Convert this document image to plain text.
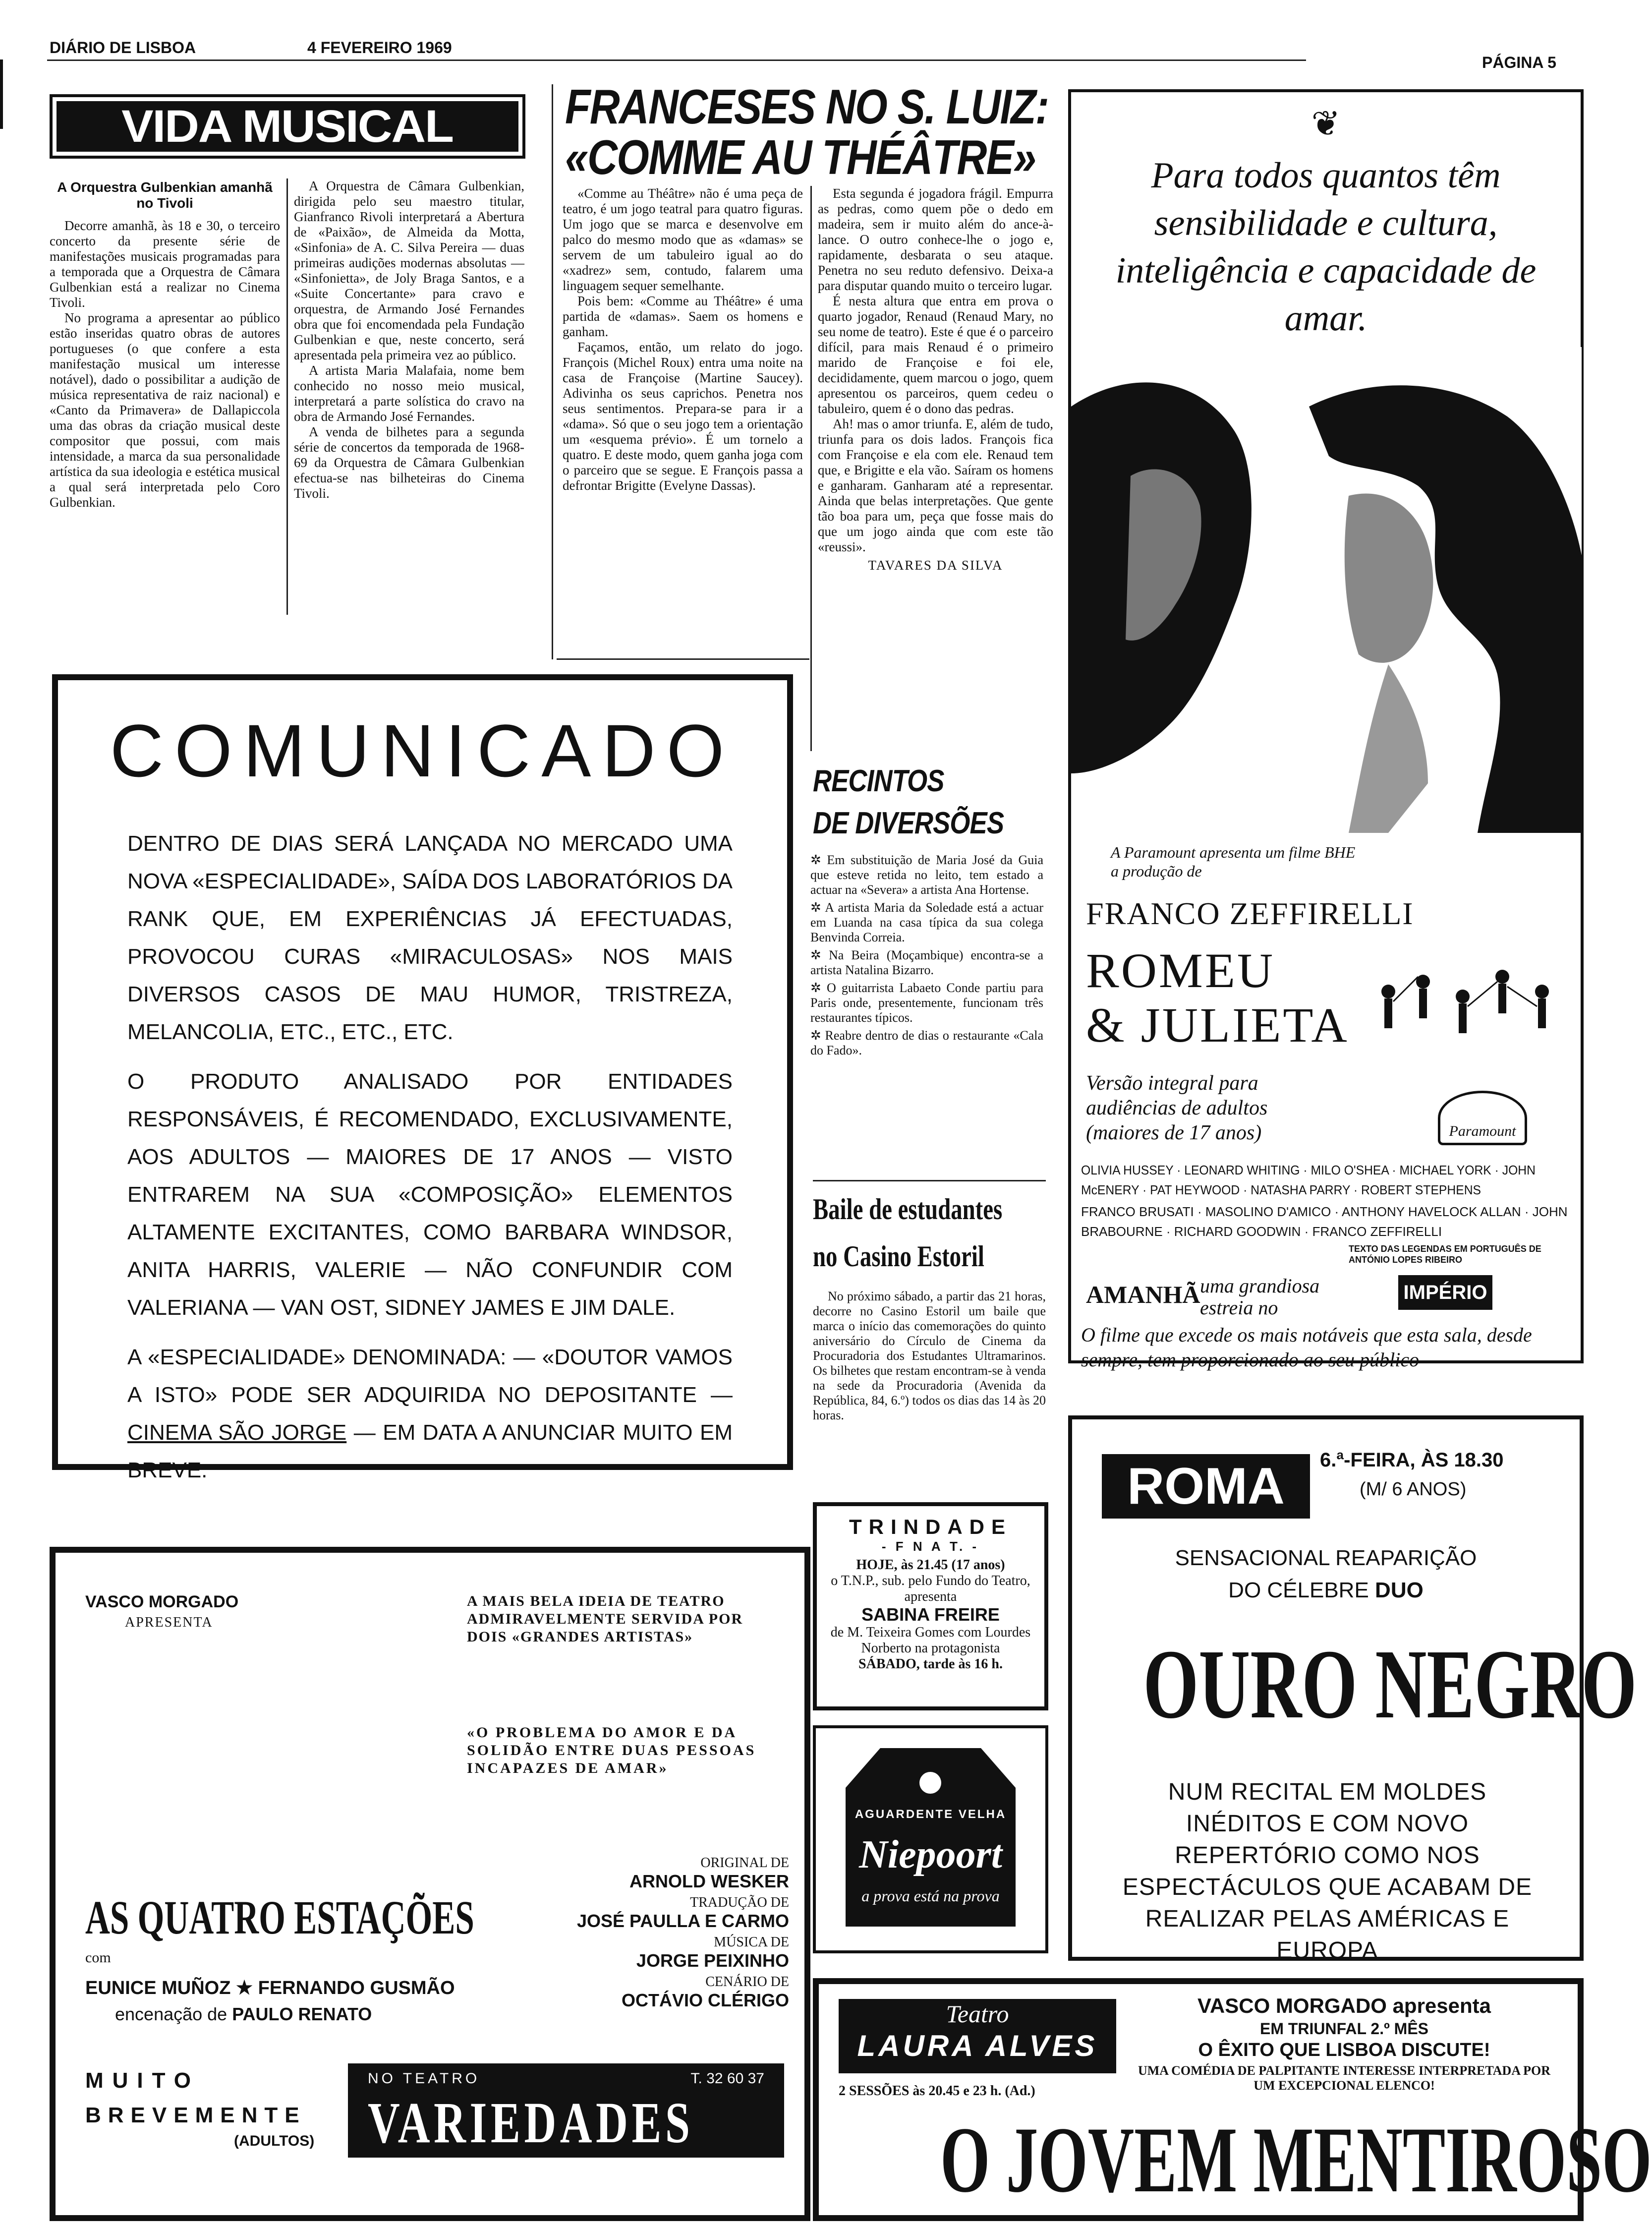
DIÁRIO DE LISBOA	4 FEVEREIRO 1969
PÁGINA 5
VIDA MUSICAL
A Orquestra Gulbenkian amanhã no Tivoli

Decorre amanhã, às 18 e 30, o terceiro concerto da presente série de manifestações musicais programadas para a temporada que a Orquestra de Câmara Gulbenkian está a realizar no Cinema Tivoli.

No programa a apresentar ao público estão inseridas quatro obras de autores portugueses (o que confere a esta manifestação musical um interesse notável), dado o possibilitar a audição de música representativa de raiz nacional) e «Canto da Primavera» de Dallapiccola uma das obras da criação musical deste compositor que possui, com mais intensidade, a marca da sua personalidade artística da sua ideologia e estética musical a qual será interpretada pelo Coro Gulbenkian.

A Orquestra de Câmara Gulbenkian, dirigida pelo seu maestro titular, Gianfranco Rivoli interpretará a Abertura de «Paixão», de Almeida da Motta, «Sinfonia» de A. C. Silva Pereira — duas primeiras audições modernas absolutas — «Sinfonietta», de Joly Braga Santos, e a «Suite Concertante» para cravo e orquestra, de Armando José Fernandes obra que foi encomendada pela Fundação Gulbenkian e que, neste concerto, será apresentada pela primeira vez ao público.

A artista Maria Malafaia, nome bem conhecido no nosso meio musical, interpretará a parte solística do cravo na obra de Armando José Fernandes.

A venda de bilhetes para a segunda série de concertos da temporada de 1968-69 da Orquestra de Câmara Gulbenkian efectua-se nas bilheteiras do Cinema Tivoli.

FRANCESES NO S. LUIZ:
«COMME AU THÉÂTRE»

«Comme au Théâtre» não é uma peça de teatro, é um jogo teatral para quatro figuras. Um jogo que se marca e desenvolve em palco do mesmo modo que as «damas» se servem de um tabuleiro igual ao do «xadrez» sem, contudo, falarem uma linguagem sequer semelhante.

Pois bem: «Comme au Théâtre» é uma partida de «damas». Saem os homens e ganham.

Façamos, então, um relato do jogo. François (Michel Roux) entra uma noite na casa de Françoise (Martine Saucey). Adivinha os seus caprichos. Penetra nos seus sentimentos. Prepara-se para ir a «dama». Só que o seu jogo tem a orientação um «esquema prévio». É um tornelo a quatro. E deste modo, quem ganha joga com o parceiro que se segue. E François passa a defrontar Brigitte (Evelyne Dassas).

Esta segunda é jogadora frágil. Empurra as pedras, como quem põe o dedo em madeira, sem ir muito além do ance-à-lance. O outro conhece-lhe o jogo e, rapidamente, desbarata o seu ataque. Penetra no seu reduto defensivo. Deixa-a para disputar quando muito o terceiro lugar.

É nesta altura que entra em prova o quarto jogador, Renaud (Renaud Mary, no seu nome de teatro). Este é que é o parceiro difícil, para mais Renaud é o primeiro marido de Françoise e foi ele, decididamente, quem marcou o jogo, quem apresentou os parceiros, quem cedeu o tabuleiro, quem é o dono das pedras.

Ah! mas o amor triunfa. E, além de tudo, triunfa para os dois lados. François fica com Françoise e ela com ele. Renaud tem que, e Brigitte e ela vão. Saíram os homens e ganharam. Ganharam até a representar. Ainda que belas interpretações. Que gente tão boa para um, peça que fosse mais do que um jogo ainda que com este tão «reussi».

TAVARES DA SILVA
COMUNICADO
DENTRO DE DIAS SERÁ LANÇADA NO MERCADO UMA NOVA «ESPECIALIDADE», SAÍDA DOS LABORATÓRIOS DA RANK QUE, EM EXPERIÊNCIAS JÁ EFECTUADAS, PROVOCOU CURAS «MIRACULOSAS» NOS MAIS DIVERSOS CASOS DE MAU HUMOR, TRISTREZA, MELANCOLIA, ETC., ETC., ETC.
O PRODUTO ANALISADO POR ENTIDADES RESPONSÁVEIS, É RECOMENDADO, EXCLUSIVAMENTE, AOS ADULTOS — MAIORES DE 17 ANOS — VISTO ENTRAREM NA SUA «COMPOSIÇÃO» ELEMENTOS ALTAMENTE EXCITANTES, COMO BARBARA WINDSOR, ANITA HARRIS, VALERIE — NÃO CONFUNDIR COM VALERIANA — VAN OST, SIDNEY JAMES E JIM DALE.
A «ESPECIALIDADE» DENOMINADA: — «DOUTOR VAMOS A ISTO» PODE SER ADQUIRIDA NO DEPOSITANTE — CINEMA SÃO JORGE — EM DATA A ANUNCIAR MUITO EM BREVE.
RECINTOS
DE DIVERSÕES
✲ Em substituição de Maria José da Guia que esteve retida no leito, tem estado a actuar na «Severa» a artista Ana Hortense.
✲ A artista Maria da Soledade está a actuar em Luanda na casa típica da sua colega Benvinda Correia.
✲ Na Beira (Moçambique) encontra-se a artista Natalina Bizarro.
✲ O guitarrista Labaeto Conde partiu para Paris onde, presentemente, funcionam três restaurantes típicos.
✲ Reabre dentro de dias o restaurante «Cala do Fado».
Baile de estudantes
no Casino Estoril

No próximo sábado, a partir das 21 horas, decorre no Casino Estoril um baile que marca o início das comemorações do quinto aniversário do Círculo de Cinema da Procuradoria dos Estudantes Ultramarinos. Os bilhetes que restam encontram-se à venda na sede da Procuradoria (Avenida da República, 84, 6.º) todos os dias das 14 às 20 horas.

❦
Para todos quantos têm sensibilidade e cultura, inteligência e capacidade de amar.
A Paramount apresenta um filme BHE a produção de
FRANCO ZEFFIRELLI
ROMEU
& JULIETA
Versão integral para audiências de adultos (maiores de 17 anos)	Paramount
OLIVIA HUSSEY · LEONARD WHITING · MILO O'SHEA · MICHAEL YORK · JOHN McENERY · PAT HEYWOOD · NATASHA PARRY · ROBERT STEPHENS
FRANCO BRUSATI · MASOLINO D'AMICO · ANTHONY HAVELOCK ALLAN · JOHN BRABOURNE · RICHARD GOODWIN · FRANCO ZEFFIRELLI
TEXTO DAS LEGENDAS EM PORTUGUÊS DE ANTÓNIO LOPES RIBEIRO
AMANHÃ uma grandiosa estreia no
IMPÉRIO
O filme que excede os mais notáveis que esta sala, desde sempre, tem proporcionado ao seu público
VASCO MORGADO
APRESENTA
A MAIS BELA IDEIA DE TEATRO ADMIRAVELMENTE SERVIDA POR DOIS «GRANDES ARTISTAS»
«O PROBLEMA DO AMOR E DA SOLIDÃO ENTRE DUAS PESSOAS INCAPAZES DE AMAR»
ORIGINAL DE
ARNOLD WESKER
TRADUÇÃO DE
JOSÉ PAULLA E CARMO
MÚSICA DE
JORGE PEIXINHO
CENÁRIO DE
OCTÁVIO CLÉRIGO
AS QUATRO ESTAÇÕES
com
EUNICE MUÑOZ ★ FERNANDO GUSMÃO
encenação de PAULO RENATO
MUITO
BREVEMENTE
(ADULTOS)
NO TEATRO	T. 32 60 37
VARIEDADES
TRINDADE
- F N A T. -
HOJE, às 21.45 (17 anos)
o T.N.P., sub. pelo Fundo do Teatro, apresenta
SABINA FREIRE
de M. Teixeira Gomes com Lourdes Norberto na protagonista
SÁBADO, tarde às 16 h.
AGUARDENTE VELHA
Niepoort
a prova está na prova
ROMA	6.ª-FEIRA, ÀS 18.30
(M/ 6 ANOS)
SENSACIONAL REAPARIÇÃO
DO CÉLEBRE DUO
OURO NEGRO
NUM RECITAL EM MOLDES INÉDITOS E COM NOVO REPERTÓRIO COMO NOS ESPECTÁCULOS QUE ACABAM DE REALIZAR PELAS AMÉRICAS E EUROPA
Teatro
LAURA ALVES
2 SESSÕES às 20.45 e 23 h. (Ad.)
VASCO MORGADO apresenta
EM TRIUNFAL 2.º MÊS
O ÊXITO QUE LISBOA DISCUTE!
UMA COMÉDIA DE PALPITANTE INTERESSE INTERPRETADA POR UM EXCEPCIONAL ELENCO!
O JOVEM MENTIROSO
